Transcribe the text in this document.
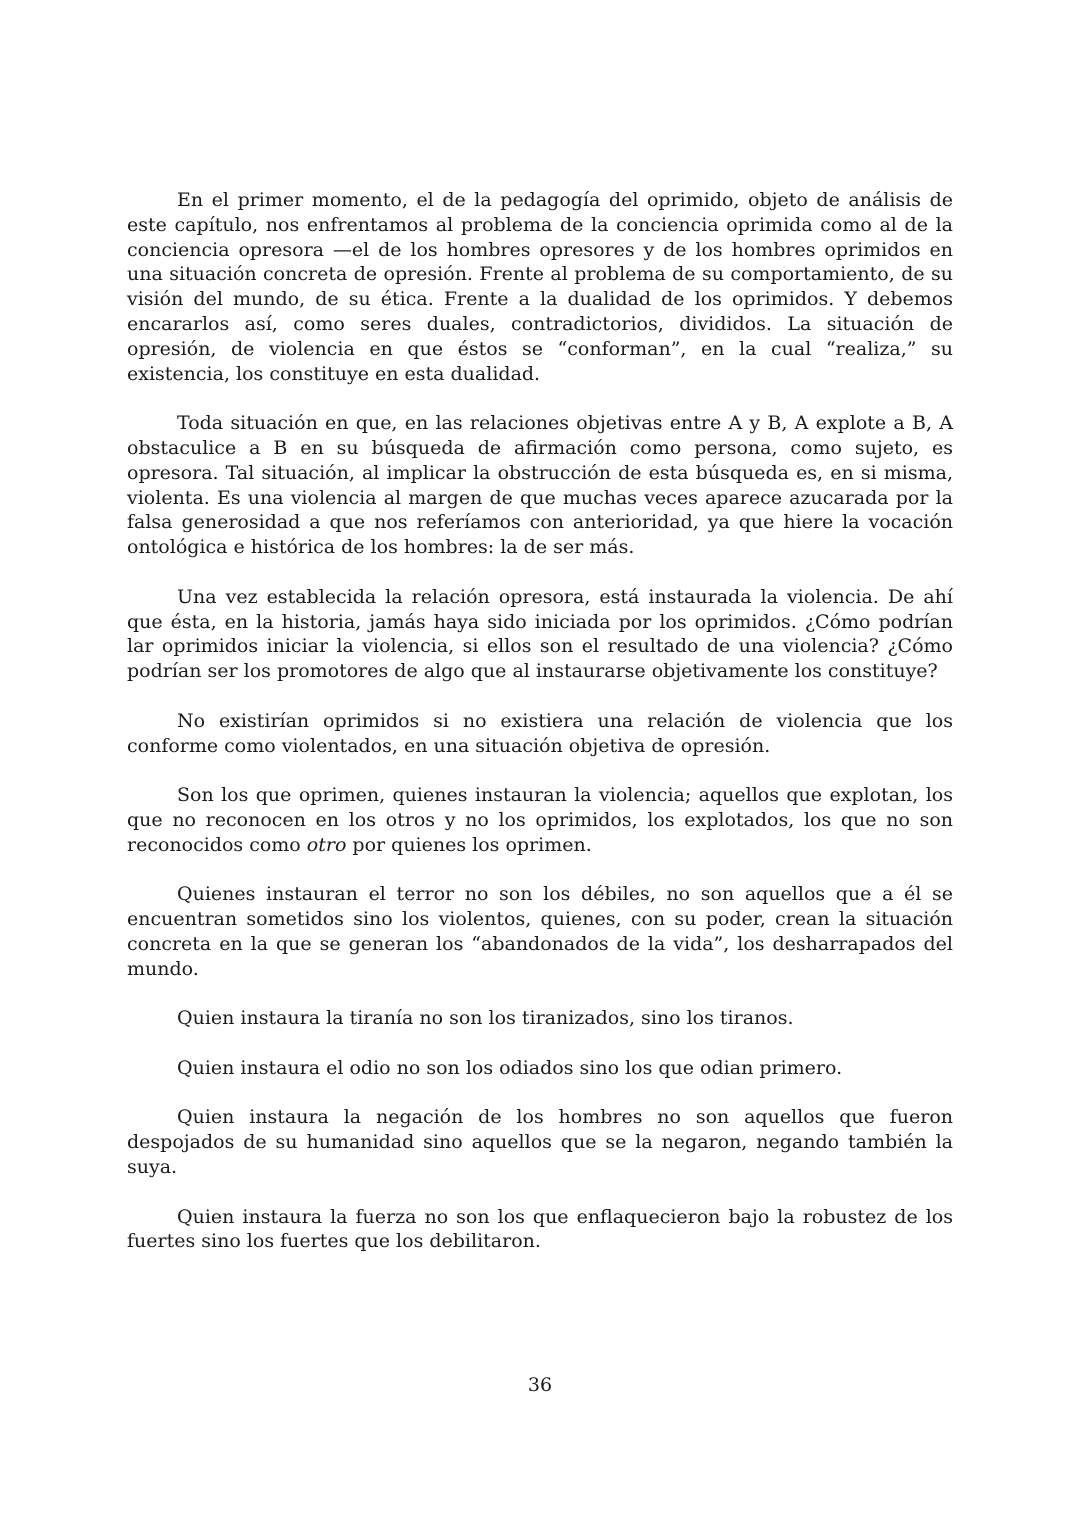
En el primer momento, el de la pedagogía del oprimido, objeto de análisis de este capítulo, nos enfrentamos al problema de la conciencia oprimida como al de la conciencia opresora —el de los hombres opresores y de los hombres oprimidos en una situación concreta de opresión. Frente al problema de su comportamiento, de su visión del mundo, de su ética. Frente a la dualidad de los oprimidos. Y debemos encararlos así, como seres duales, contradictorios, divididos. La situación de opresión, de violencia en que éstos se “conforman”, en la cual “realiza,” su existencia, los constituye en esta dualidad.

Toda situación en que, en las relaciones objetivas entre A y B, A explote a B, A obstaculice a B en su búsqueda de afirmación como persona, como sujeto, es opresora. Tal situación, al implicar la obstrucción de esta búsqueda es, en si misma, violenta. Es una violencia al margen de que muchas veces aparece azucarada por la falsa generosidad a que nos referíamos con anterioridad, ya que hiere la vocación ontológica e histórica de los hombres: la de ser más.

Una vez establecida la relación opresora, está instaurada la violencia. De ahí que ésta, en la historia, jamás haya sido iniciada por los oprimidos. ¿Cómo podrían lar oprimidos iniciar la violencia, si ellos son el resultado de una violencia? ¿Cómo podrían ser los promotores de algo que al instaurarse objetivamente los constituye?

No existirían oprimidos si no existiera una relación de violencia que los conforme como violentados, en una situación objetiva de opresión.

Son los que oprimen, quienes instauran la violencia; aquellos que explotan, los que no reconocen en los otros y no los oprimidos, los explotados, los que no son reconocidos como otro por quienes los oprimen.

Quienes instauran el terror no son los débiles, no son aquellos que a él se encuentran sometidos sino los violentos, quienes, con su poder, crean la situación concreta en la que se generan los “abandonados de la vida”, los desharrapados del mundo.

Quien instaura la tiranía no son los tiranizados, sino los tiranos.

Quien instaura el odio no son los odiados sino los que odian primero.

Quien instaura la negación de los hombres no son aquellos que fueron despojados de su humanidad sino aquellos que se la negaron, negando también la suya.

Quien instaura la fuerza no son los que enflaquecieron bajo la robustez de los fuertes sino los fuertes que los debilitaron.

36
